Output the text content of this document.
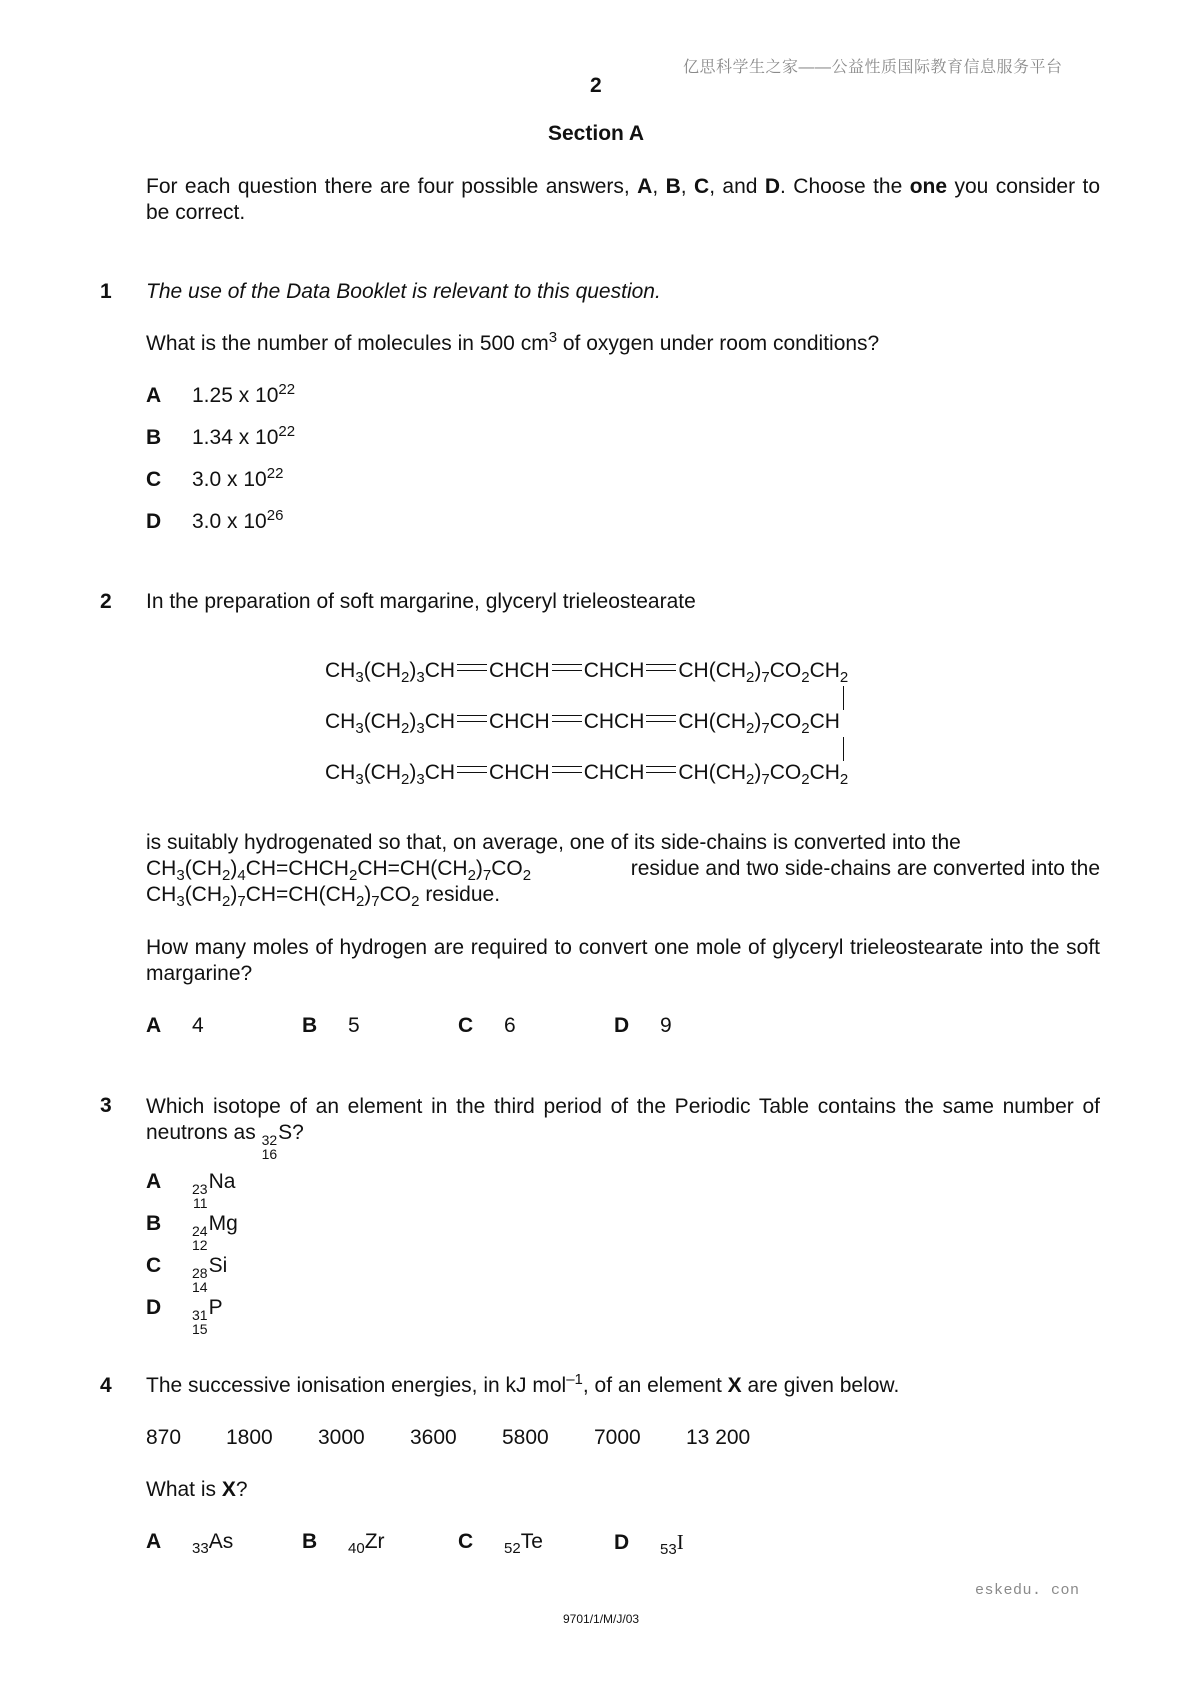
亿思科学生之家——公益性质国际教育信息服务平台
2
Section A
For each question there are four possible answers, A, B, C, and D. Choose the one you consider to be correct.
1 The use of the Data Booklet is relevant to this question.
What is the number of molecules in 500 $cm^3$ of oxygen under room conditions?
A 1.25 x $10^{22}$
B 1.34 x $10^{22}$
C 3.0 x $10^{22}$
D 3.0 x $10^{26}$
2 In the preparation of soft margarine, glyceryl trieleostearate
$CH_3(CH_2)_3CH$ CHCH CHCH $CH(CH_2)_7CO_2CH_2$
$CH_3(CH_2)_3CH$ CHCH CHCH $CH(CH_2)_7CO_2CH$
$CH_3(CH_2)_3CH$ CHCH CHCH $CH(CH_2)_7CO_2CH_2$
is suitably hydrogenated so that, on average, one of its side-chains is converted into the
$CH_3(CH_2)_4CH=CHCH_2CH=CH(CH_2)_7CO_2$	residue and two side-chains are converted into the
$CH_3(CH_2)_7CH=CH(CH_2)_7CO_2$ residue.
How many moles of hydrogen are required to convert one mole of glyceryl trieleostearate into the soft margarine?
A 4	B 5	C 6	D 9
3 Which isotope of an element in the third period of the Periodic Table contains the same number of neutrons as 32
16
S?
A 23
11
Na
B 24
12
Mg
C 28
14
Si
D 31
15
P
4 The successive ionisation energies, in kJ mol$^{-1}$, of an element X are given below.
870 1800 3000 3600 5800 7000 13 200
What is X?
A $_{33}$As	B $_{40}$Zr	C $_{52}$Te	D $_{53}$I
eskedu. con
9701/1/M/J/03
